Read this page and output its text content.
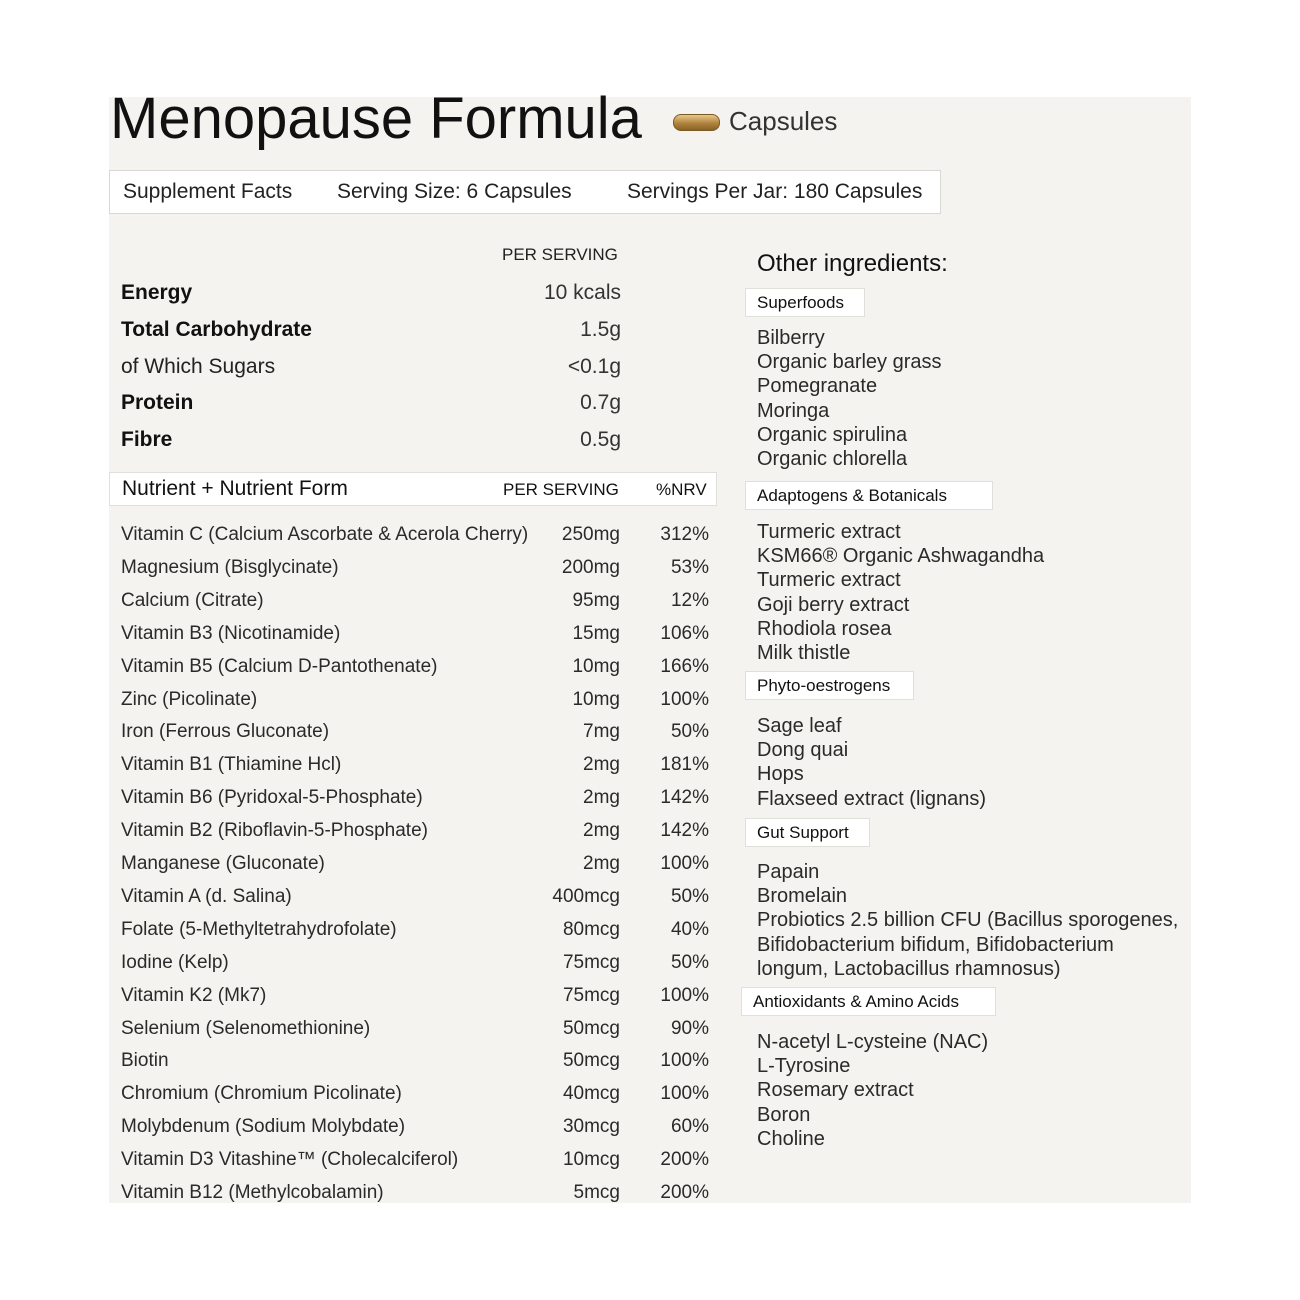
Menopause Formula	Capsules
Supplement Facts Serving Size: 6 Capsules	Servings Per Jar: 180 Capsules
PER SERVING
Energy	10 kcals
Total Carbohydrate	1.5g
of Which Sugars	<0.1g
Protein	0.7g
Fibre	0.5g
Nutrient + Nutrient Form	PER SERVING %NRV
Vitamin C (Calcium Ascorbate & Acerola Cherry) 250mg 312%
Magnesium (Bisglycinate)	200mg	53%
Calcium (Citrate)	95mg	12%
Vitamin B3 (Nicotinamide)	15mg 106%
Vitamin B5 (Calcium D-Pantothenate)	10mg 166%
Zinc (Picolinate)	10mg 100%
Iron (Ferrous Gluconate)	7mg	50%
Vitamin B1 (Thiamine Hcl)	2mg 181%
Vitamin B6 (Pyridoxal-5-Phosphate)	2mg 142%
Vitamin B2 (Riboflavin-5-Phosphate)	2mg 142%
Manganese (Gluconate)	2mg 100%
Vitamin A (d. Salina)	400mcg	50%
Folate (5-Methyltetrahydrofolate)	80mcg	40%
Iodine (Kelp)	75mcg	50%
Vitamin K2 (Mk7)	75mcg 100%
Selenium (Selenomethionine)	50mcg	90%
Biotin	50mcg 100%
Chromium (Chromium Picolinate)	40mcg 100%
Molybdenum (Sodium Molybdate)	30mcg	60%
Vitamin D3 Vitashine™ (Cholecalciferol)	10mcg 200%
Vitamin B12 (Methylcobalamin)	5mcg 200%
Other ingredients:
Superfoods
Bilberry
Organic barley grass
Pomegranate
Moringa
Organic spirulina
Organic chlorella
Adaptogens & Botanicals
Turmeric extract
KSM66® Organic Ashwagandha
Turmeric extract
Goji berry extract
Rhodiola rosea
Milk thistle
Phyto-oestrogens
Sage leaf
Dong quai
Hops
Flaxseed extract (lignans)
Gut Support
Papain
Bromelain
Probiotics 2.5 billion CFU (Bacillus sporogenes,
Bifidobacterium bifidum, Bifidobacterium
longum, Lactobacillus rhamnosus)
Antioxidants & Amino Acids
N-acetyl L-cysteine (NAC)
L-Tyrosine
Rosemary extract
Boron
Choline
